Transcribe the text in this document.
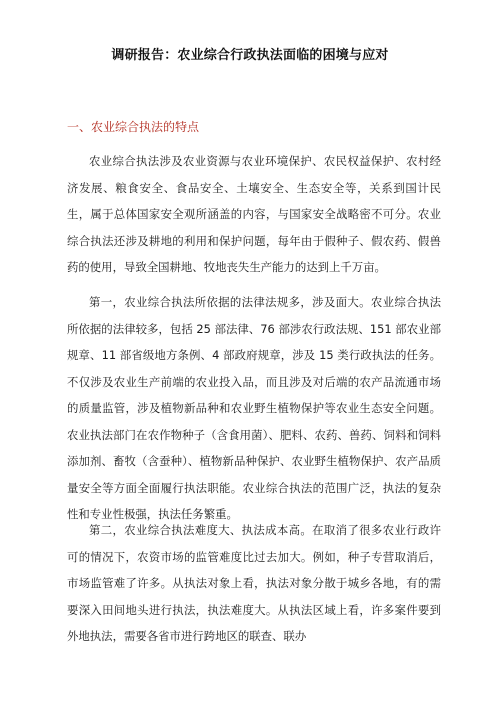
调研报告：农业综合行政执法面临的困境与应对
一、农业综合执法的特点

农业综合执法涉及农业资源与农业环境保护、农民权益保护、农村经济发展、粮食安全、食品安全、土壤安全、生态安全等，关系到国计民生，属于总体国家安全观所涵盖的内容，与国家安全战略密不可分。农业综合执法还涉及耕地的利用和保护问题，每年由于假种子、假农药、假兽药的使用，导致全国耕地、牧地丧失生产能力的达到上千万亩。

第一，农业综合执法所依据的法律法规多，涉及面大。农业综合执法所依据的法律较多，包括 25 部法律、76 部涉农行政法规、151 部农业部规章、11 部省级地方条例、4 部政府规章，涉及 15 类行政执法的任务。不仅涉及农业生产前端的农业投入品，而且涉及对后端的农产品流通市场的质量监管，涉及植物新品种和农业野生植物保护等农业生态安全问题。农业执法部门在农作物种子（含食用菌）、肥料、农药、兽药、饲料和饲料添加剂、畜牧（含蚕种）、植物新品种保护、农业野生植物保护、农产品质量安全等方面全面履行执法职能。农业综合执法的范围广泛，执法的复杂性和专业性极强，执法任务繁重。

第二，农业综合执法难度大、执法成本高。在取消了很多农业行政许可的情况下，农资市场的监管难度比过去加大。例如，种子专营取消后，市场监管难了许多。从执法对象上看，执法对象分散于城乡各地，有的需要深入田间地头进行执法，执法难度大。从执法区域上看，许多案件要到外地执法，需要各省市进行跨地区的联查、联办
